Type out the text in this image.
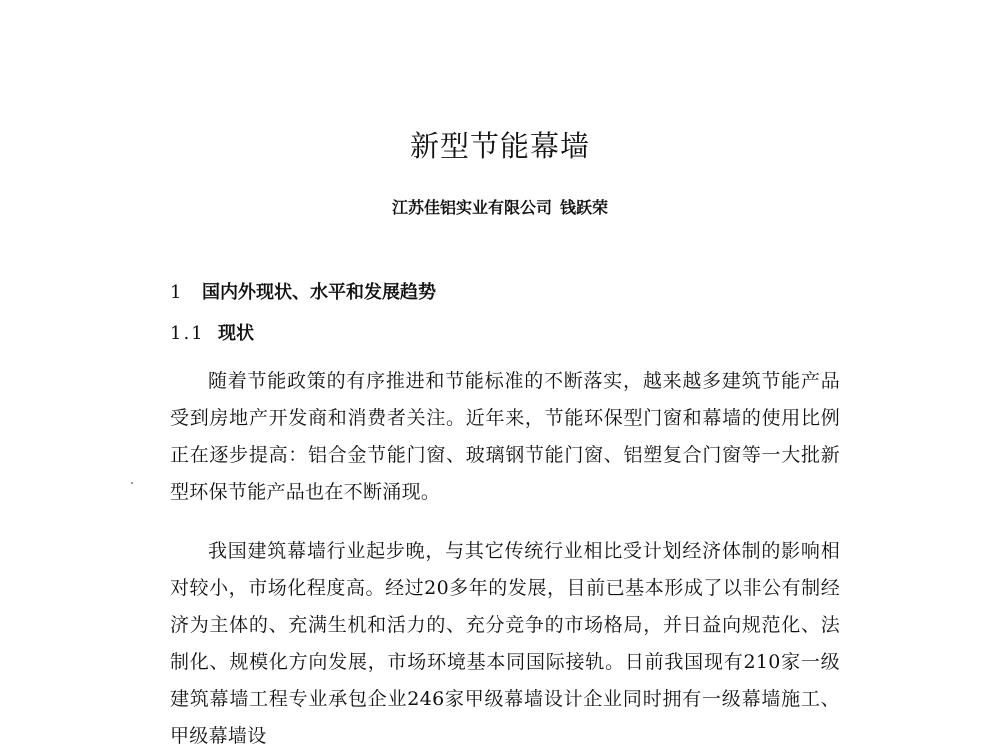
新型节能幕墙
江苏佳铝实业有限公司 钱跃荣
1 国内外现状、水平和发展趋势
1.1 现状

随着节能政策的有序推进和节能标准的不断落实，越来越多建筑节能产品受到房地产开发商和消费者关注。近年来，节能环保型门窗和幕墙的使用比例正在逐步提高：铝合金节能门窗、玻璃钢节能门窗、铝塑复合门窗等一大批新型环保节能产品也在不断涌现。

我国建筑幕墙行业起步晚，与其它传统行业相比受计划经济体制的影响相对较小，市场化程度高。经过20多年的发展，目前已基本形成了以非公有制经济为主体的、充满生机和活力的、充分竞争的市场格局，并日益向规范化、法制化、规模化方向发展，市场环境基本同国际接轨。日前我国现有210家一级建筑幕墙工程专业承包企业246家甲级幕墙设计企业同时拥有一级幕墙施工、甲级幕墙设
